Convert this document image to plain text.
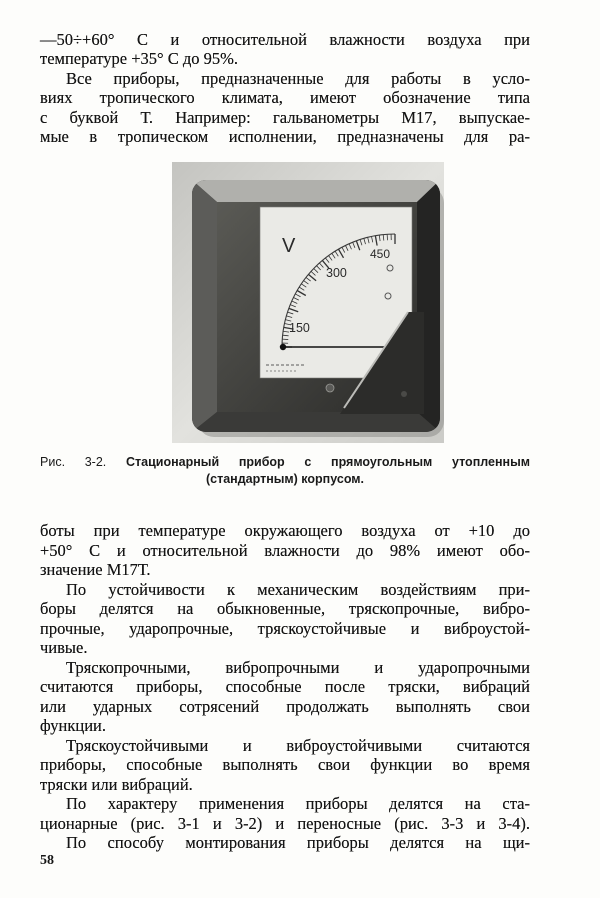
—50÷+60° С и относительной влажности воздуха при
температуре +35° С до 95%.
Все приборы, предназначенные для работы в усло-
виях тропического климата, имеют обозначение типа
с буквой Т. Например: гальванометры М17, выпускае-
мые в тропическом исполнении, предназначены для ра-
V
150
300
450
Рис. 3-2. Стационарный прибор с прямоугольным утопленным
(стандартным) корпусом.
боты при температуре окружающего воздуха от +10 до
+50° С и относительной влажности до 98% имеют обо-
значение М17Т.
По устойчивости к механическим воздействиям при-
боры делятся на обыкновенные, тряскопрочные, вибро-
прочные, ударопрочные, тряскоустойчивые и виброустой-
чивые.
Тряскопрочными, вибропрочными и ударопрочными
считаются приборы, способные после тряски, вибраций
или ударных сотрясений продолжать выполнять свои
функции.
Тряскоустойчивыми и виброустойчивыми считаются
приборы, способные выполнять свои функции во время
тряски или вибраций.
По характеру применения приборы делятся на ста-
ционарные (рис. 3-1 и 3-2) и переносные (рис. 3-3 и 3-4).
По способу монтирования приборы делятся на щи-
58
